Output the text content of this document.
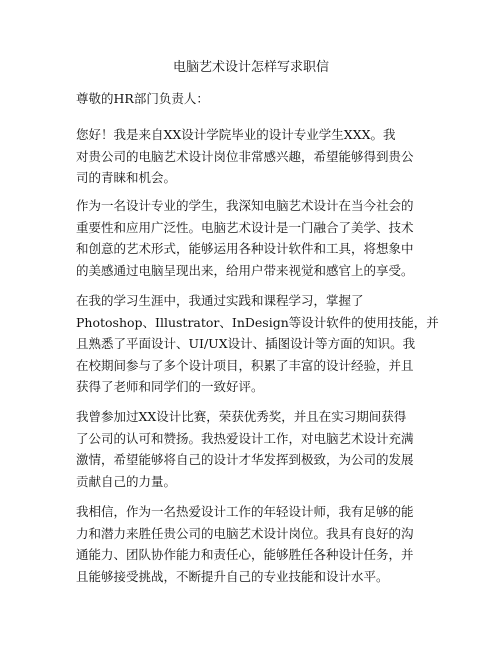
电脑艺术设计怎样写求职信
尊敬的HR部门负责人：
您好！我是来自XX设计学院毕业的设计专业学生XXX。我
对贵公司的电脑艺术设计岗位非常感兴趣，希望能够得到贵公
司的青睐和机会。
作为一名设计专业的学生，我深知电脑艺术设计在当今社会的
重要性和应用广泛性。电脑艺术设计是一门融合了美学、技术
和创意的艺术形式，能够运用各种设计软件和工具，将想象中
的美感通过电脑呈现出来，给用户带来视觉和感官上的享受。
在我的学习生涯中，我通过实践和课程学习，掌握了
Photoshop、Illustrator、InDesign等设计软件的使用技能，并
且熟悉了平面设计、UI/UX设计、插图设计等方面的知识。我
在校期间参与了多个设计项目，积累了丰富的设计经验，并且
获得了老师和同学们的一致好评。
我曾参加过XX设计比赛，荣获优秀奖，并且在实习期间获得
了公司的认可和赞扬。我热爱设计工作，对电脑艺术设计充满
激情，希望能够将自己的设计才华发挥到极致，为公司的发展
贡献自己的力量。
我相信，作为一名热爱设计工作的年轻设计师，我有足够的能
力和潜力来胜任贵公司的电脑艺术设计岗位。我具有良好的沟
通能力、团队协作能力和责任心，能够胜任各种设计任务，并
且能够接受挑战，不断提升自己的专业技能和设计水平。
